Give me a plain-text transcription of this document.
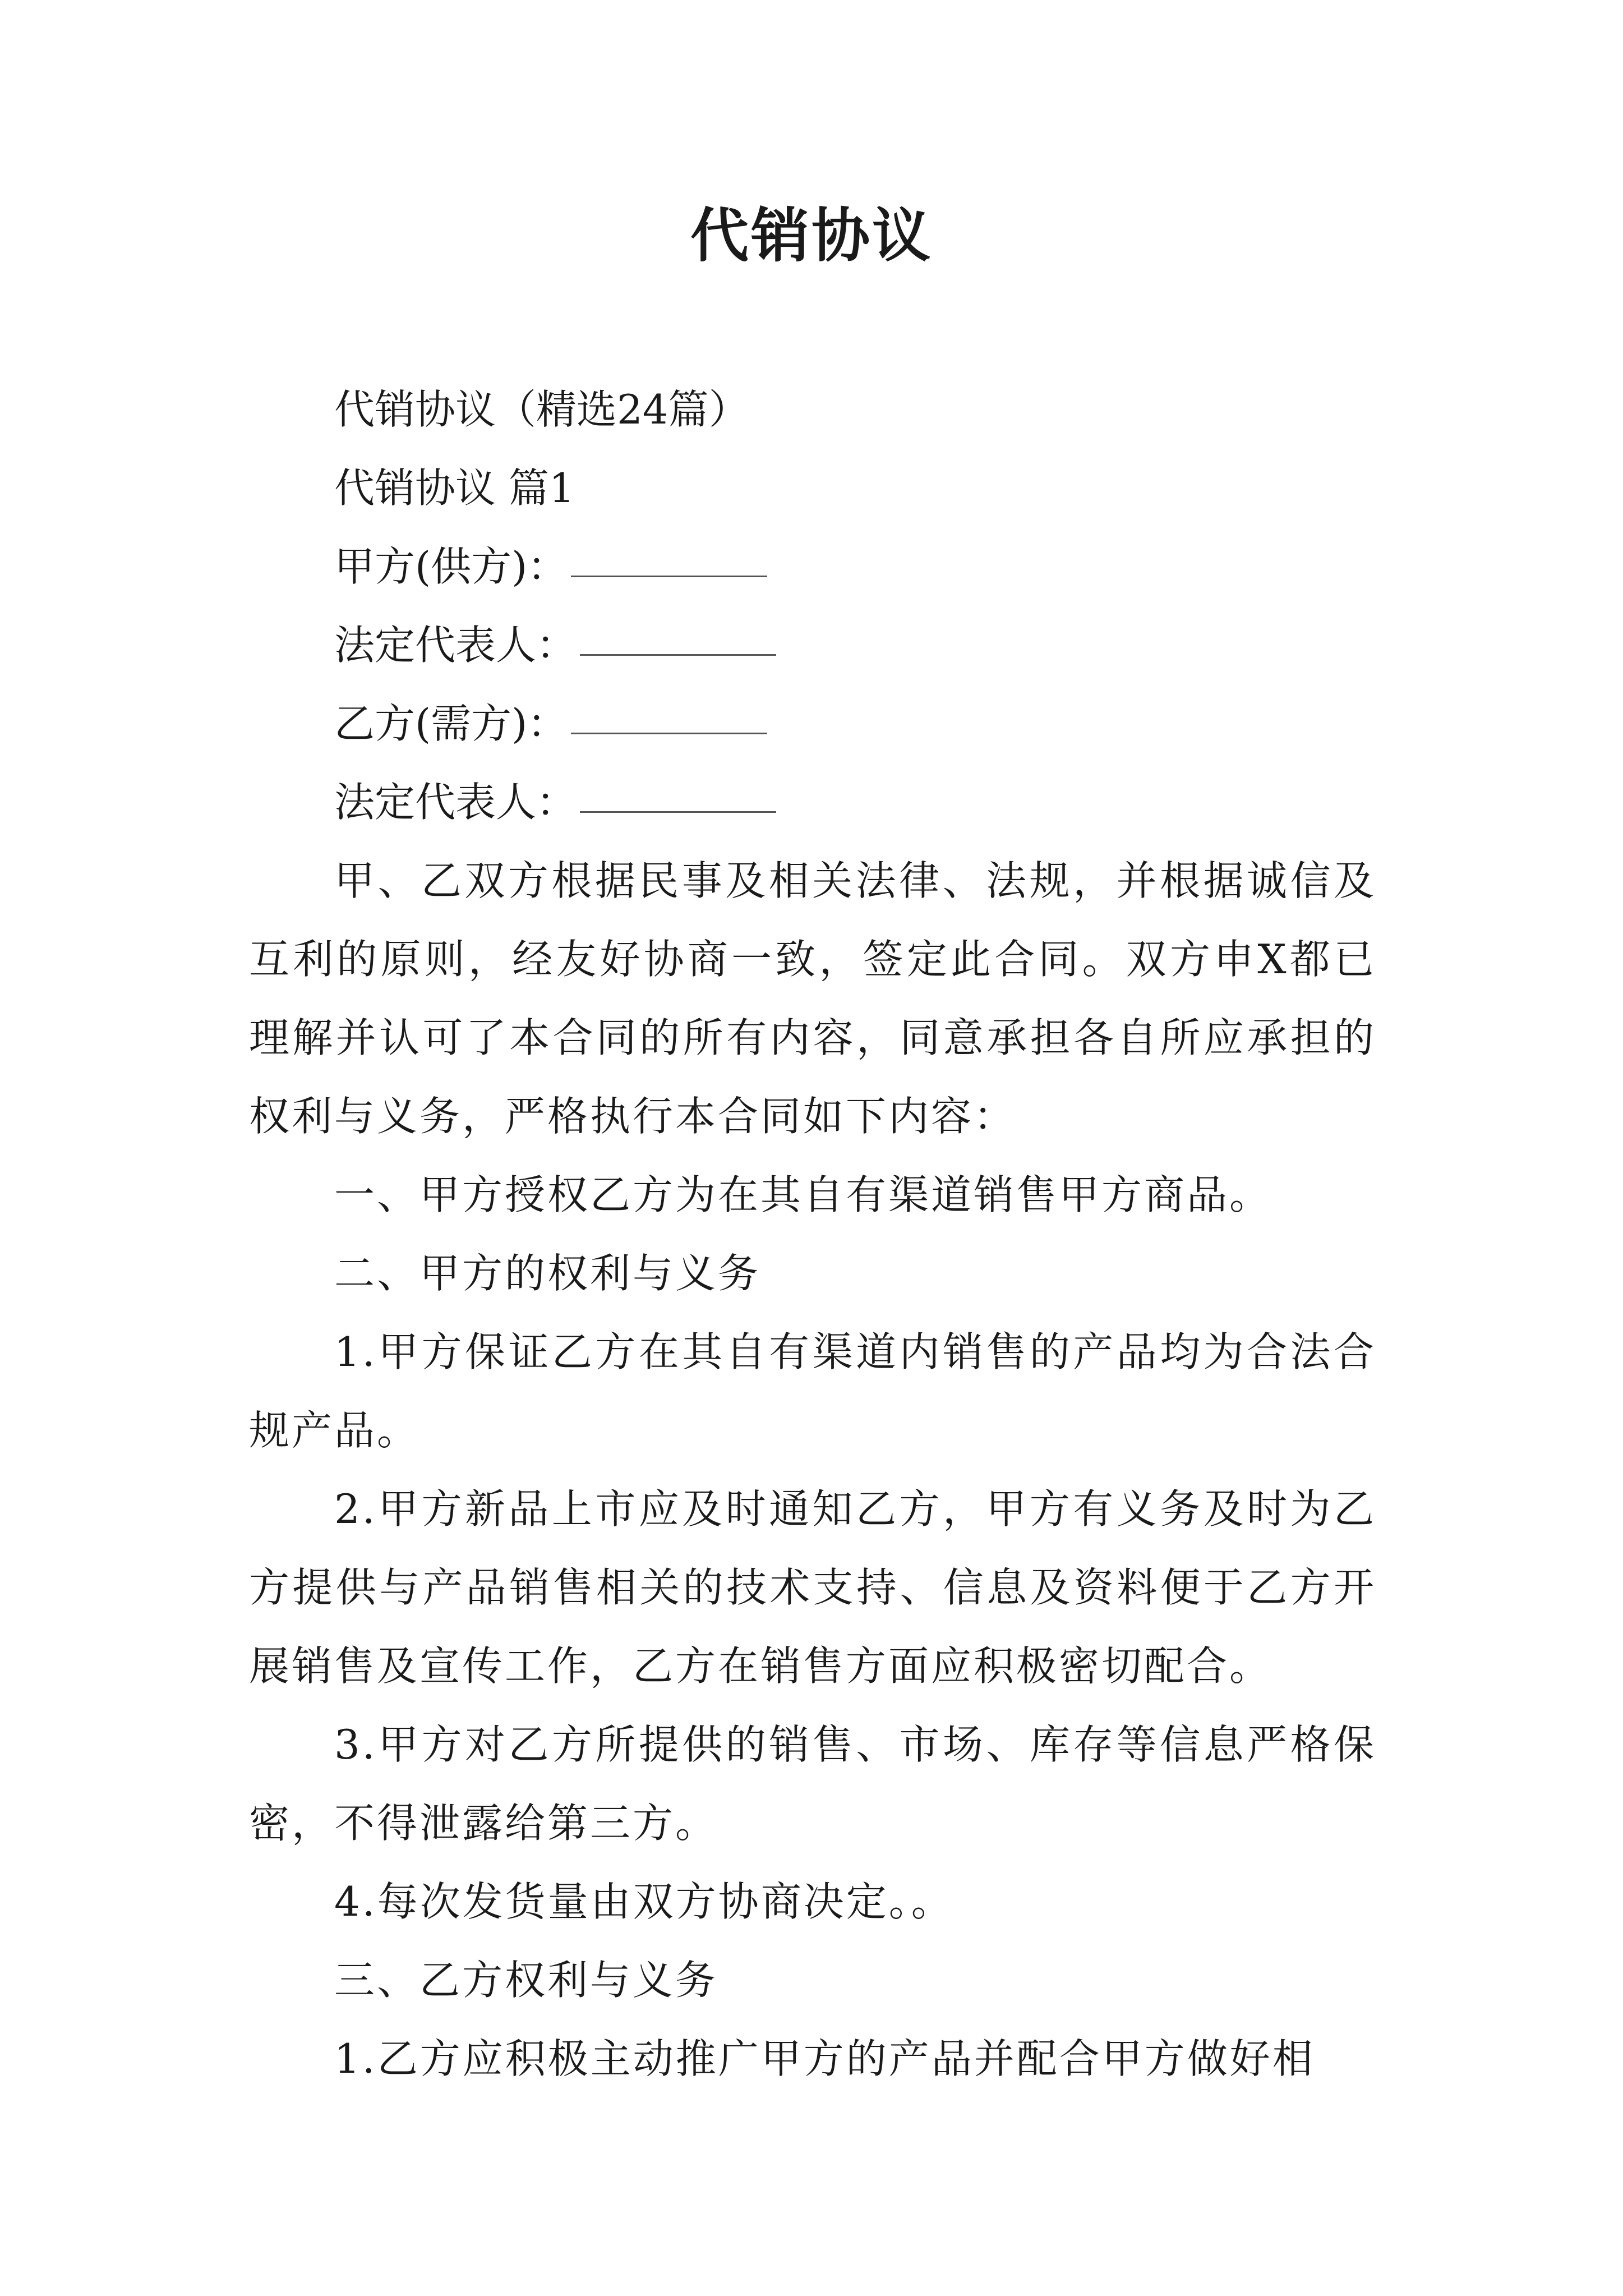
代销协议
代销协议（精选24篇）
代销协议 篇1
甲方(供方)：
法定代表人：
乙方(需方)：
法定代表人：

甲、乙双方根据民事及相关法律、法规，并根据诚信及互利的原则，经友好协商一致，签定此合同。双方申X都已理解并认可了本合同的所有内容，同意承担各自所应承担的权利与义务，严格执行本合同如下内容：

一、甲方授权乙方为在其自有渠道销售甲方商品。

二、甲方的权利与义务

1.甲方保证乙方在其自有渠道内销售的产品均为合法合规产品。

2.甲方新品上市应及时通知乙方，甲方有义务及时为乙方提供与产品销售相关的技术支持、信息及资料便于乙方开展销售及宣传工作，乙方在销售方面应积极密切配合。

3.甲方对乙方所提供的销售、市场、库存等信息严格保密，不得泄露给第三方。

4.每次发货量由双方协商决定。。

三、乙方权利与义务

1.乙方应积极主动推广甲方的产品并配合甲方做好相
